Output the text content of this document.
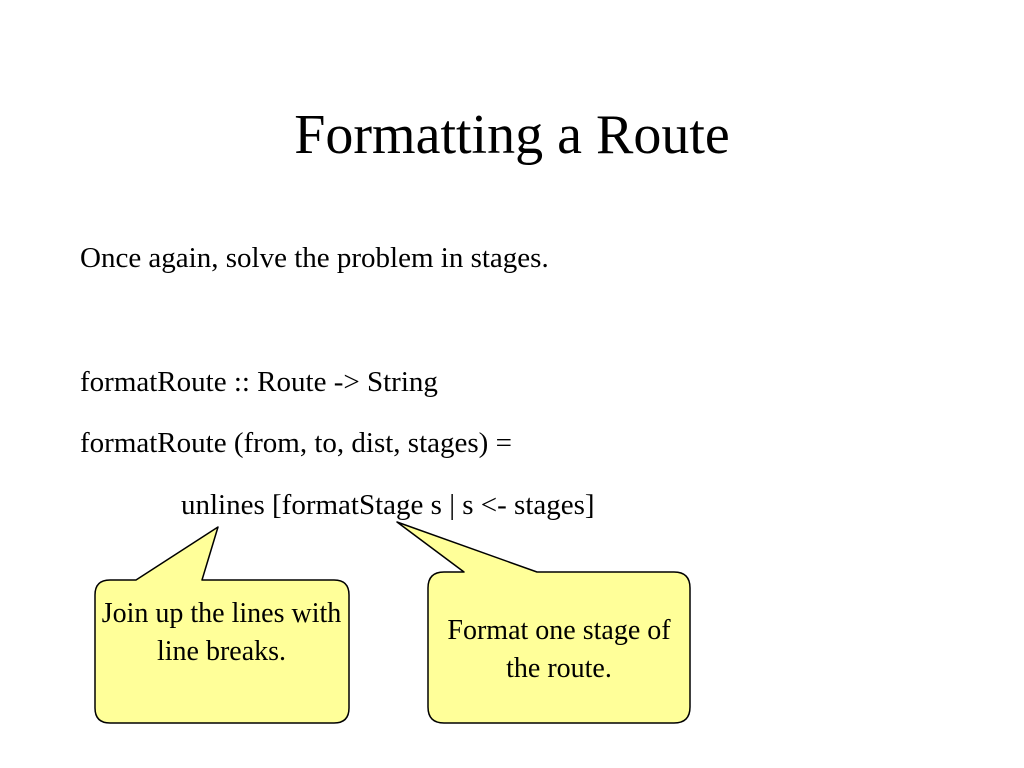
Formatting a Route
Once again, solve the problem in stages.
formatRoute :: Route -> String
formatRoute (from, to, dist, stages) =
unlines [formatStage s | s <- stages]
Join up the lines with line breaks.
Format one stage of the route.
